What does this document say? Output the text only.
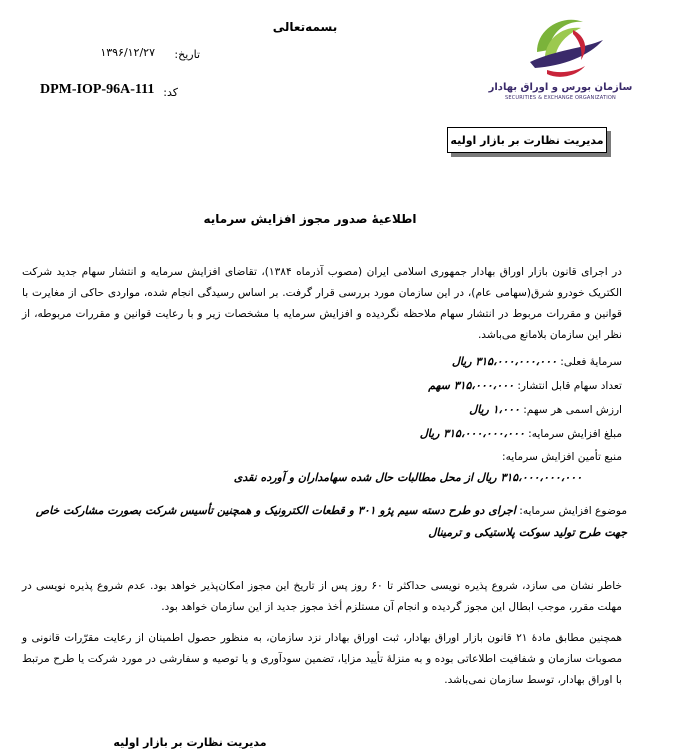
بسمه‌تعالی
تاریخ:
۱۳۹۶/۱۲/۲۷
کد:
DPM-IOP-96A-111	سازمان بورس و اوراق بهادار
SECURITIES & EXCHANGE ORGANIZATION
مدیریت نظارت بر بازار اولیه
اطلاعیهٔ صدور مجوز افزایش سرمایه
در اجرای قانون بازار اوراق بهادار جمهوری اسلامی ایران (مصوب آذرماه ۱۳۸۴)، تقاضای افزایش سرمایه و انتشار سهام جدید شرکت الکتریک خودرو شرق(سهامی عام)، در این سازمان مورد بررسی قرار گرفت. بر اساس رسیدگی انجام شده، مواردی حاکی از مغایرت با قوانین و مقررات مربوط در انتشار سهام ملاحظه نگردیده و افزایش سرمایه با مشخصات زیر و با رعایت قوانین و مقررات مربوطه، از نظر این سازمان بلامانع می‌باشد.
سرمایهٔ فعلی: ۳۱۵،۰۰۰،۰۰۰،۰۰۰ ریال
تعداد سهام قابل انتشار: ۳۱۵،۰۰۰،۰۰۰ سهم
ارزش اسمی هر سهم: ۱،۰۰۰ ریال
مبلغ افزایش سرمایه: ۳۱۵،۰۰۰،۰۰۰،۰۰۰ ریال
منبع تأمین افزایش سرمایه:
۳۱۵،۰۰۰،۰۰۰،۰۰۰ ریال از محل مطالبات حال شده سهامداران و آورده نقدی
موضوع افزایش سرمایه: اجرای دو طرح دسته سیم پژو ۳۰۱ و قطعات الکترونیک و همچنین تأسیس شرکت بصورت مشارکت خاص جهت طرح تولید سوکت پلاستیکی و ترمینال
خاطر نشان می سازد، شروع پذیره نویسی حداکثر تا ۶۰ روز پس از تاریخ این مجوز امکان‌پذیر خواهد بود. عدم شروع پذیره نویسی در مهلت مقرر، موجب ابطال این مجوز گردیده و انجام آن مستلزم أخذ مجوز جدید از این سازمان خواهد بود.
همچنین مطابق مادهٔ ۲۱ قانون بازار اوراق بهادار، ثبت اوراق بهادار نزد سازمان، به منظور حصول اطمینان از رعایت مقرّرات قانونی و مصوبات سازمان و شفافیت اطلاعاتی بوده و به منزلهٔ تأیید مزایا، تضمین سودآوری و یا توصیه و سفارشی در مورد شرکت یا طرح مرتبط با اوراق بهادار، توسط سازمان نمی‌باشد.
مدیریت نظارت بر بازار اولیه
